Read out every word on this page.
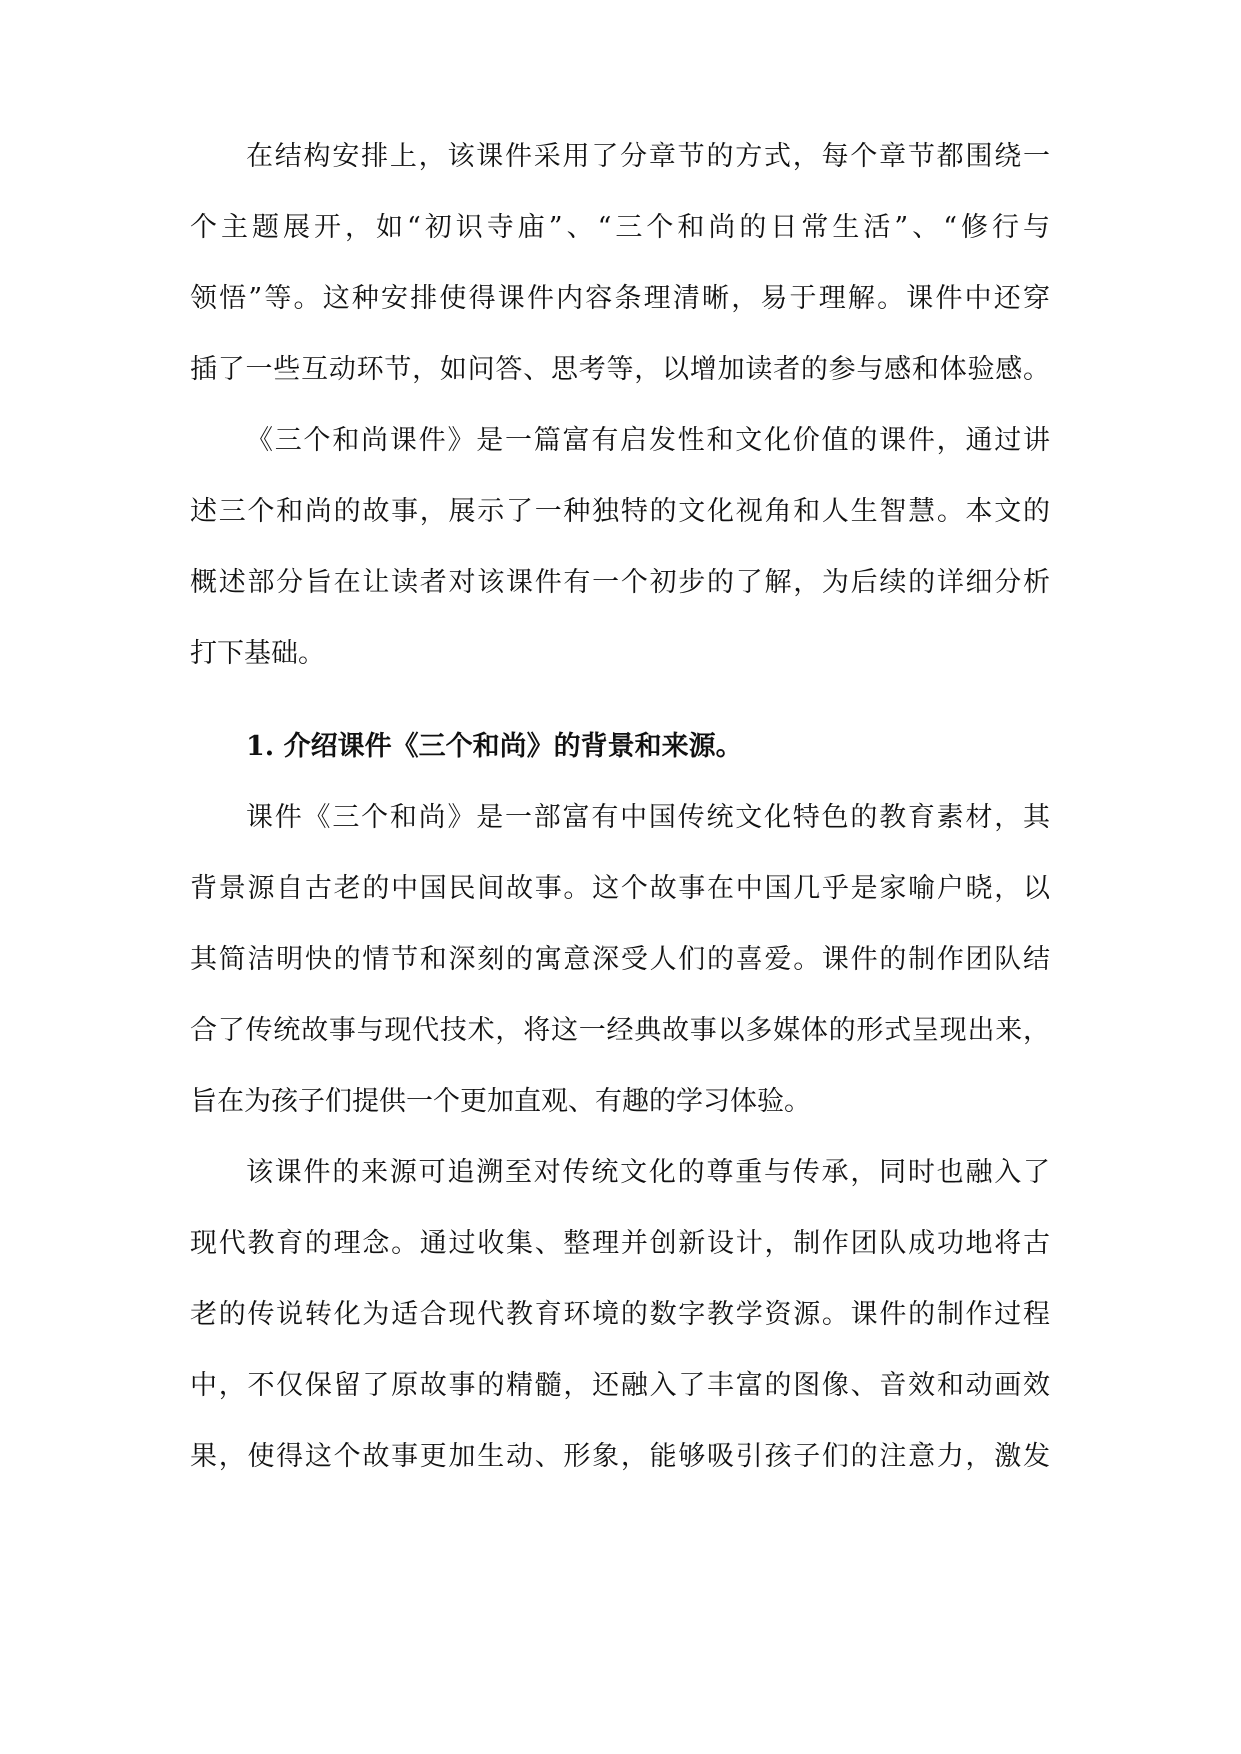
在结构安排上，该课件采用了分章节的方式，每个章节都围绕一
个主题展开，如“初识寺庙”、“三个和尚的日常生活”、“修行与
领悟”等。这种安排使得课件内容条理清晰，易于理解。课件中还穿
插了一些互动环节，如问答、思考等，以增加读者的参与感和体验感。
《三个和尚课件》是一篇富有启发性和文化价值的课件，通过讲
述三个和尚的故事，展示了一种独特的文化视角和人生智慧。本文的
概述部分旨在让读者对该课件有一个初步的了解，为后续的详细分析
打下基础。
1. 介绍课件《三个和尚》的背景和来源。
课件《三个和尚》是一部富有中国传统文化特色的教育素材，其
背景源自古老的中国民间故事。这个故事在中国几乎是家喻户晓，以
其简洁明快的情节和深刻的寓意深受人们的喜爱。课件的制作团队结
合了传统故事与现代技术，将这一经典故事以多媒体的形式呈现出来，
旨在为孩子们提供一个更加直观、有趣的学习体验。
该课件的来源可追溯至对传统文化的尊重与传承，同时也融入了
现代教育的理念。通过收集、整理并创新设计，制作团队成功地将古
老的传说转化为适合现代教育环境的数字教学资源。课件的制作过程
中，不仅保留了原故事的精髓，还融入了丰富的图像、音效和动画效
果，使得这个故事更加生动、形象，能够吸引孩子们的注意力，激发
